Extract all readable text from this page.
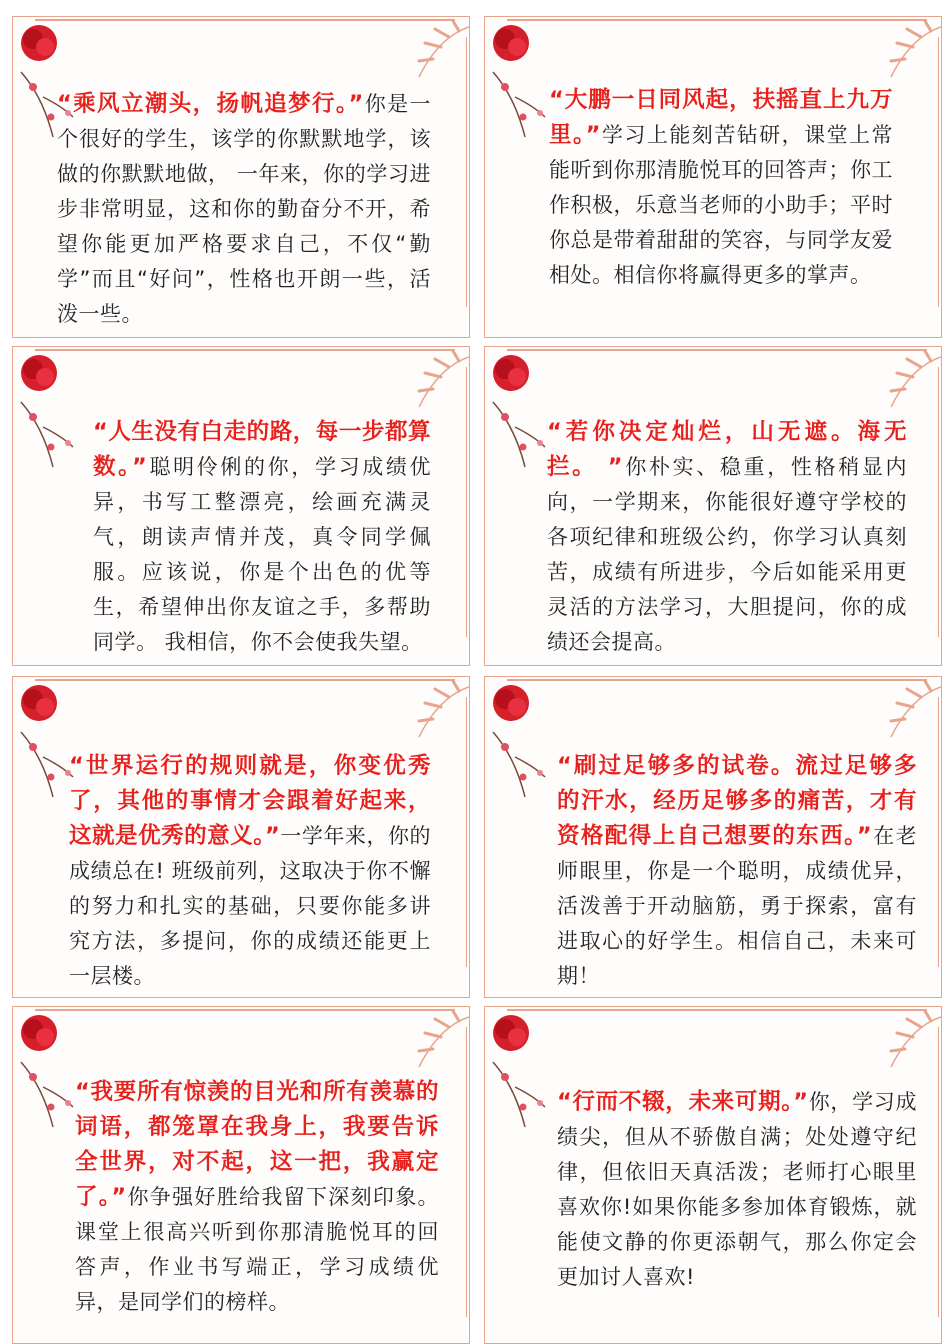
“乘风立潮头，扬帆追梦行。”你是一个很好的学生，该学的你默默地学，该做的你默默地做， 一年来，你的学习进步非常明显，这和你的勤奋分不开，希望你能更加严格要求自己，不仅“勤学”而且“好问”，性格也开朗一些，活泼一些。
“大鹏一日同风起，扶摇直上九万里。”学习上能刻苦钻研，课堂上常能听到你那清脆悦耳的回答声；你工作积极，乐意当老师的小助手；平时你总是带着甜甜的笑容，与同学友爱相处。相信你将赢得更多的掌声。
“人生没有白走的路，每一步都算数。”聪明伶俐的你，学习成绩优异，书写工整漂亮，绘画充满灵气，朗读声情并茂，真令同学佩服。应该说，你是个出色的优等生，希望伸出你友谊之手，多帮助同学。 我相信，你不会使我失望。
“若你决定灿烂，山无遮。海无拦。 ”你朴实、稳重，性格稍显内向，一学期来，你能很好遵守学校的各项纪律和班级公约，你学习认真刻苦，成绩有所进步，今后如能采用更灵活的方法学习，大胆提问，你的成绩还会提高。
“世界运行的规则就是，你变优秀了，其他的事情才会跟着好起来，这就是优秀的意义。”一学年来，你的成绩总在! 班级前列，这取决于你不懈的努力和扎实的基础，只要你能多讲究方法，多提问，你的成绩还能更上一层楼。
“刷过足够多的试卷。流过足够多的汗水，经历足够多的痛苦，才有资格配得上自己想要的东西。”在老师眼里，你是一个聪明，成绩优异，活泼善于开动脑筋，勇于探索，富有进取心的好学生。相信自己，未来可期！
“我要所有惊羡的目光和所有羡慕的词语，都笼罩在我身上，我要告诉全世界，对不起，这一把，我赢定了。”你争强好胜给我留下深刻印象。课堂上很高兴听到你那清脆悦耳的回答声，作业书写端正，学习成绩优异，是同学们的榜样。
“行而不辍，未来可期。”你，学习成绩尖，但从不骄傲自满；处处遵守纪律，但依旧天真活泼；老师打心眼里喜欢你!如果你能多参加体育锻炼，就能使文静的你更添朝气，那么你定会更加讨人喜欢!
